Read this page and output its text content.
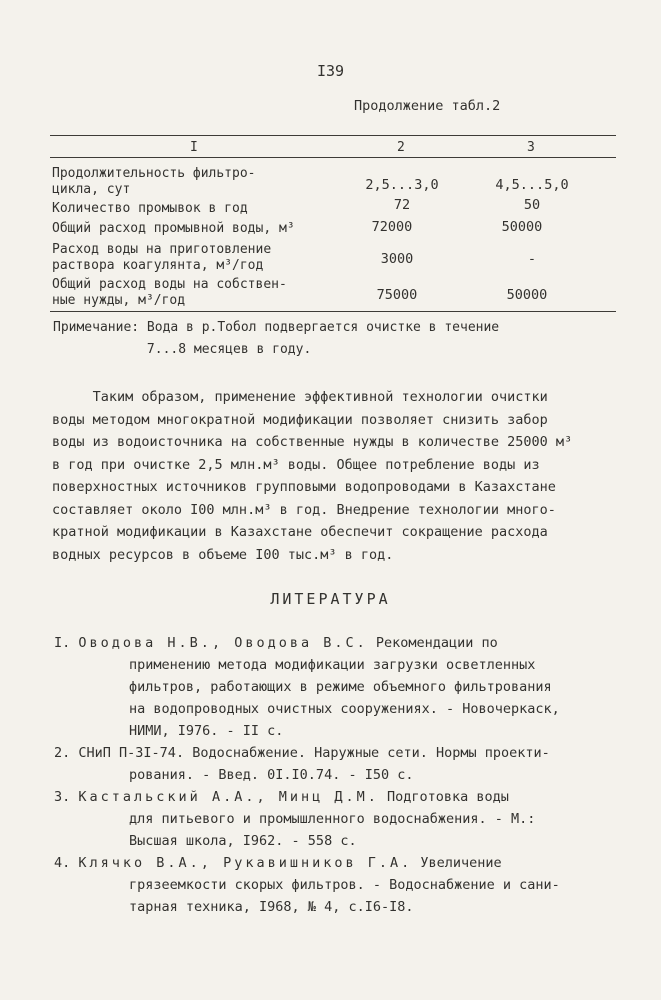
I39
Продолжение табл.2
I	2	3
Продолжительность фильтро-
цикла, сут	2,5...3,0	4,5...5,0
Количество промывок в год	72	50
Общий расход промывной воды, м³	72000	50000
Расход воды на приготовление
раствора коагулянта, м³/год	3000	-
Общий расход воды на собствен-
ные нужды, м³/год	75000	50000
Примечание: Вода в р.Тобол подвергается очистке в течение
7...8 месяцев в году.
Таким образом, применение эффективной технологии очистки
воды методом многократной модификации позволяет снизить забор
воды из водоисточника на собственные нужды в количестве 25000 м³
в год при очистке 2,5 млн.м³ воды. Общее потребление воды из
поверхностных источников групповыми водопроводами в Казахстане
составляет около I00 млн.м³ в год. Внедрение технологии много-
кратной модификации в Казахстане обеспечит сокращение расхода
водных ресурсов в объеме I00 тыс.м³ в год.
ЛИТЕРАТУРА
I. Оводова Н.В., Оводова В.С. Рекомендации по
применению метода модификации загрузки осветленных
фильтров, работающих в режиме объемного фильтрования
на водопроводных очистных сооружениях. - Новочеркаск,
НИМИ, I976. - II с.
2. СНиП П-3I-74. Водоснабжение. Наружные сети. Нормы проекти-
рования. - Введ. 0I.I0.74. - I50 с.
3. Кастальский А.А., Минц Д.М. Подготовка воды
для питьевого и промышленного водоснабжения. - М.:
Высшая школа, I962. - 558 с.
4. Клячко В.А., Рукавишников Г.А. Увеличение
грязеемкости скорых фильтров. - Водоснабжение и сани-
тарная техника, I968, № 4, с.I6-I8.
